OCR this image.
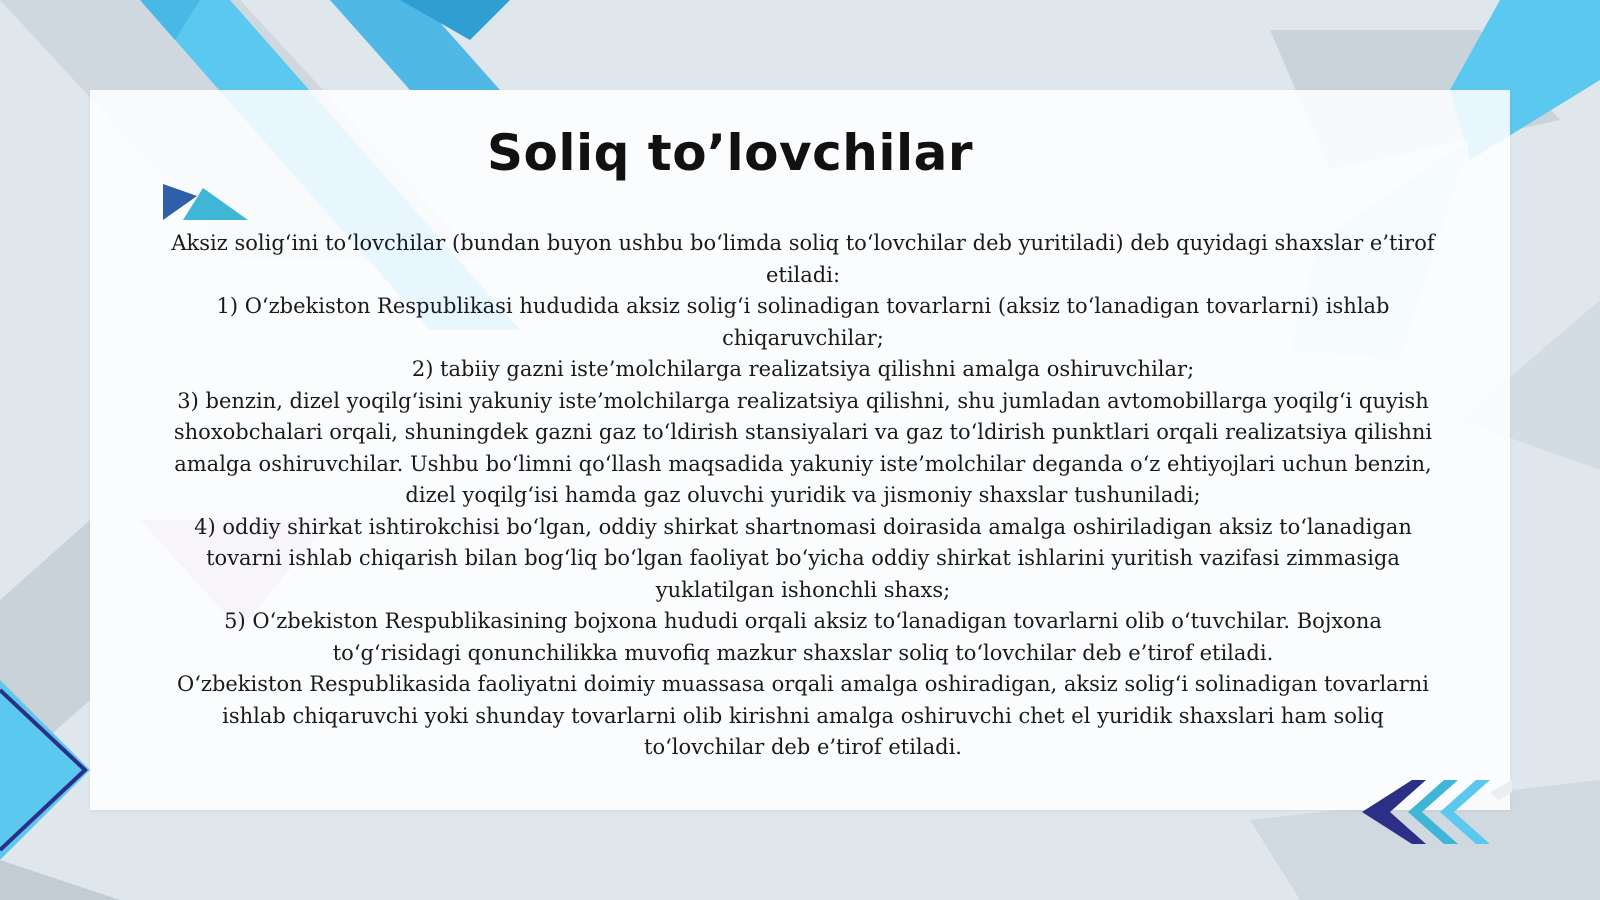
Soliq to’lovchilar

Aksiz solig‘ini to‘lovchilar (bundan buyon ushbu bo‘limda soliq to‘lovchilar deb yuritiladi) deb quyidagi shaxslar e’tirof etiladi:

1) O‘zbekiston Respublikasi hududida aksiz solig‘i solinadigan tovarlarni (aksiz to‘lanadigan tovarlarni) ishlab chiqaruvchilar;

2) tabiiy gazni iste’molchilarga realizatsiya qilishni amalga oshiruvchilar;

3) benzin, dizel yoqilg‘isini yakuniy iste’molchilarga realizatsiya qilishni, shu jumladan avtomobillarga yoqilg‘i quyish shoxobchalari orqali, shuningdek gazni gaz to‘ldirish stansiyalari va gaz to‘ldirish punktlari orqali realizatsiya qilishni amalga oshiruvchilar. Ushbu bo‘limni qo‘llash maqsadida yakuniy iste’molchilar deganda o‘z ehtiyojlari uchun benzin, dizel yoqilg‘isi hamda gaz oluvchi yuridik va jismoniy shaxslar tushuniladi;

4) oddiy shirkat ishtirokchisi bo‘lgan, oddiy shirkat shartnomasi doirasida amalga oshiriladigan aksiz to‘lanadigan tovarni ishlab chiqarish bilan bog‘liq bo‘lgan faoliyat bo‘yicha oddiy shirkat ishlarini yuritish vazifasi zimmasiga yuklatilgan ishonchli shaxs;

5) O‘zbekiston Respublikasining bojxona hududi orqali aksiz to‘lanadigan tovarlarni olib o‘tuvchilar. Bojxona to‘g‘risidagi qonunchilikka muvofiq mazkur shaxslar soliq to‘lovchilar deb e’tirof etiladi.

O‘zbekiston Respublikasida faoliyatni doimiy muassasa orqali amalga oshiradigan, aksiz solig‘i solinadigan tovarlarni ishlab chiqaruvchi yoki shunday tovarlarni olib kirishni amalga oshiruvchi chet el yuridik shaxslari ham soliq to‘lovchilar deb e’tirof etiladi.
